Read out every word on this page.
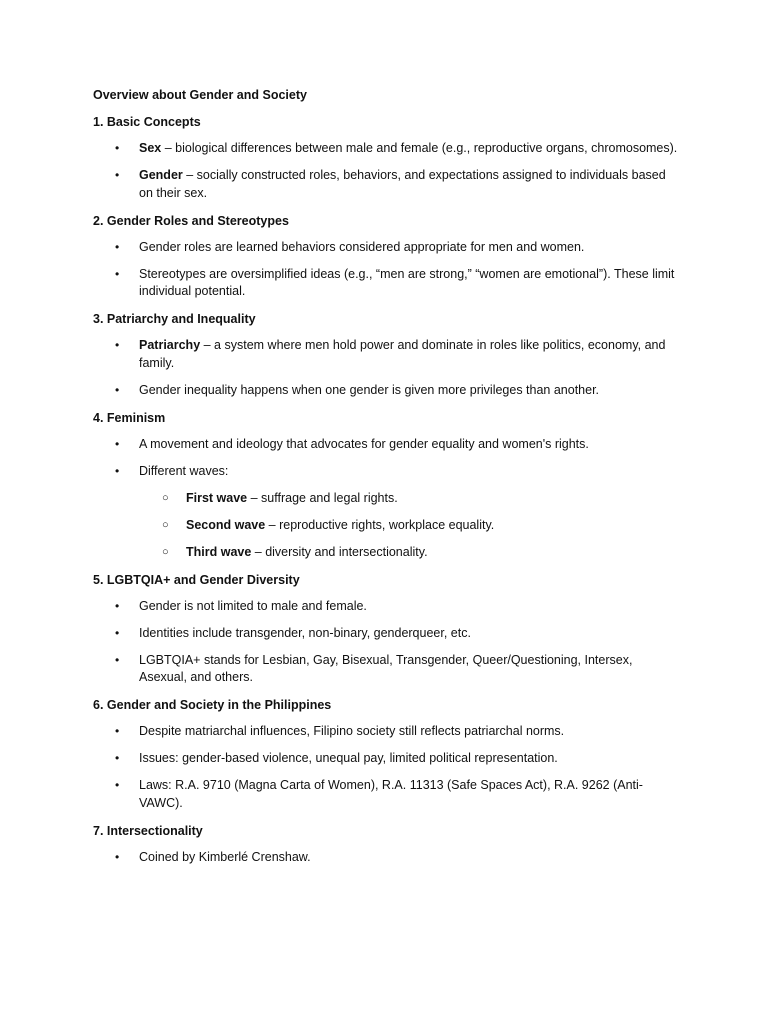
Overview about Gender and Society
1. Basic Concepts
•	Sex – biological differences between male and female (e.g., reproductive organs, chromosomes).
•	Gender – socially constructed roles, behaviors, and expectations assigned to individuals based on their sex.
2. Gender Roles and Stereotypes
•	Gender roles are learned behaviors considered appropriate for men and women.
•	Stereotypes are oversimplified ideas (e.g., “men are strong,” “women are emotional”). These limit individual potential.
3. Patriarchy and Inequality
•	Patriarchy – a system where men hold power and dominate in roles like politics, economy, and family.
•	Gender inequality happens when one gender is given more privileges than another.
4. Feminism
•	A movement and ideology that advocates for gender equality and women's rights.
•	Different waves:
○ First wave – suffrage and legal rights.
○ Second wave – reproductive rights, workplace equality.
○ Third wave – diversity and intersectionality.
5. LGBTQIA+ and Gender Diversity
•	Gender is not limited to male and female.
•	Identities include transgender, non-binary, genderqueer, etc.
•	LGBTQIA+ stands for Lesbian, Gay, Bisexual, Transgender, Queer/Questioning, Intersex, Asexual, and others.
6. Gender and Society in the Philippines
•	Despite matriarchal influences, Filipino society still reflects patriarchal norms.
•	Issues: gender-based violence, unequal pay, limited political representation.
•	Laws: R.A. 9710 (Magna Carta of Women), R.A. 11313 (Safe Spaces Act), R.A. 9262 (Anti-VAWC).
7. Intersectionality
•	Coined by Kimberlé Crenshaw.
